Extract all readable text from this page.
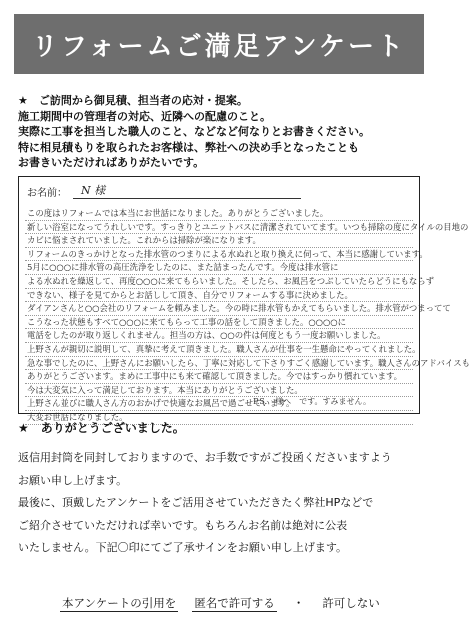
リフォームご満足アンケート
★　ご訪問から御見積、担当者の応対・提案。
施工期間中の管理者の対応、近隣への配慮のこと。
実際に工事を担当した職人のこと、などなど何なりとお書きください。
特に相見積もりを取られたお客様は、弊社への決め手となったことも
お書きいただければありがたいです。
お名前：	N 様
この度はリフォームでは本当にお世話になりました。ありがとうございました。
新しい浴室になってうれしいです。すっきりとユニットバスに清潔されていてます。いつも掃除の度にタイルの目地の
カビに悩まされていました。これからは掃除が楽になります。
リフォームのきっかけとなった排水管のつまりによる水ぬれと取り換えに伺って、本当に感謝しています。
5月に○○○に排水管の高圧洗浄をしたのに、また詰まったんです。今度は排水管に
よる水ぬれを繰返して、再度○○○に来てもらいました。そしたら、お風呂をつぶしていたらどうにもならず
できない、様子を見てからとお話しして頂き、自分でリフォームする事に決めました。
ダイアンさんと○○会社のリフォームを頼みました。今の時に排水管もかえてもらいました。排水管がつまってて
こうなった状態もすべて○○○に来てもらって工事の話をして頂きました。○○○○に
電話をしたのが取り返しくれません。担当の方は、○○の件は何度ともう一度お願いしました。
上野さんが親切に説明して、真摯に考えて頂きました。職人さんが仕事を一生懸命にやってくれました。
急な事でしたのに、上野さんにお願いしたら、丁寧に対応して下さりすごく感謝しています。職人さんのアドバイスも
ありがとうございます。まめに工事中にも来て確認して頂きました。今ではすっかり慣れています。
今は大変気に入って満足しております。本当にありがとうございました。
上野さん並びに職人さん方のおかげで快適なお風呂で過ごせています。
大変お世話になりました。
P.S.　様へ　です。すみません。
★　ありがとうございました。
返信用封筒を同封しておりますので、お手数ですがご投函くださいますよう
お願い申し上げます。
最後に、頂戴したアンケートをご活用させていただきたく弊社HPなどで
ご紹介させていただければ幸いです。もちろんお名前は絶対に公表
いたしません。下記〇印にてご了承サインをお願い申し上げます。
本アンケートの引用を 匿名で許可する ・ 許可しない
